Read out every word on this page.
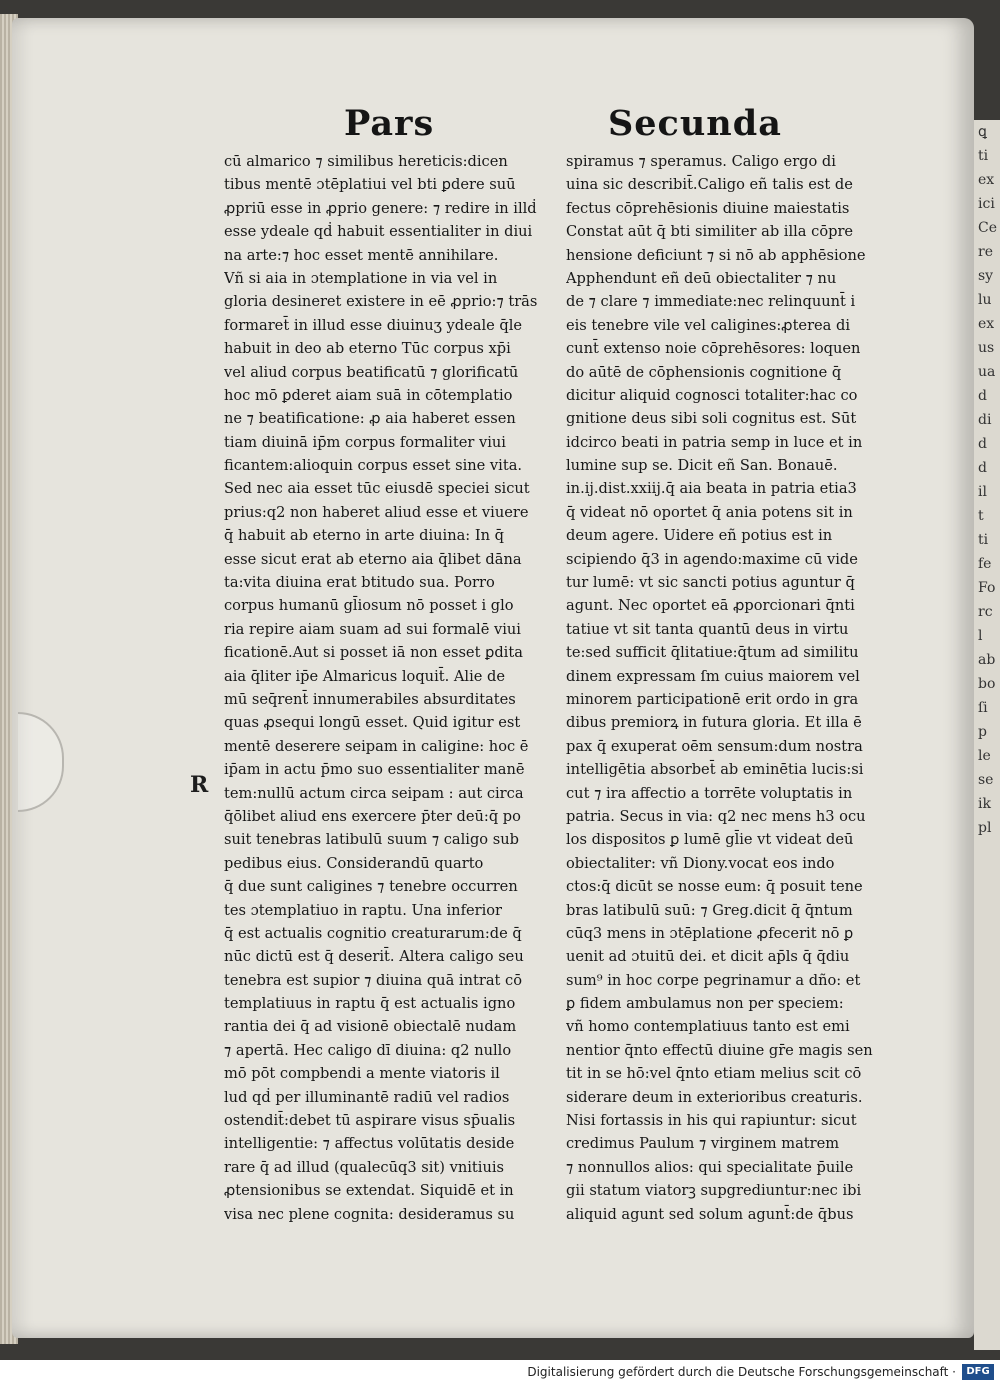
ꝗ
ti
ex
ici
Ce
re
sy
lu
ex
us
ua
d
di
d
d
il
t
ti
fe
Fo
rc
l
ab
bo
ſi
p
le
se
ik
pl
Pars	Secunda
R
cū almarico ⁊ similibus hereticis:dicen
tibus mentē ɔtēplatiui vel bti ꝑdere suū
ꝓpriū esse in ꝓprio genere: ⁊ redire in illḋ
esse ydeale qḋ habuit essentialiter in diui
na arte:⁊ hoc esset mentē annihilare.
Vñ si aia in ɔtemplatione in via vel in
gloria desineret existere in eē ꝓprio:⁊ trās
formaret̄ in illud esse diuinuʒ ydeale q̄le
habuit in deo ab eterno Tūc corpus xp̄i
vel aliud corpus beatificatū ⁊ glorificatū
hoc mō ꝑderet aiam suā in cōtemplatio
ne ⁊ beatificatione: ꝓ aia haberet essen
tiam diuinā ip̄m corpus formaliter viui
ficantem:alioquin corpus esset sine vita.
Sed nec aia esset tūc eiusdē speciei sicut
prius:q2 non haberet aliud esse et viuere
q̄ habuit ab eterno in arte diuina: In q̄
esse sicut erat ab eterno aia q̄libet dāna
ta:vita diuina erat btitudo sua. Porro
corpus humanū gl̄iosum nō posset i glo
ria repire aiam suam ad sui formalē viui
ficationē.Aut si posset iā non esset ꝑdita
aia q̄liter ip̄e Almaricus loquit̄. Alie de
mū seq̄rent̄ innumerabiles absurditates
quas ꝓsequi longū esset. Quid igitur est
mentē deserere seipam in caligine: hoc ē
ip̄am in actu p̄mo suo essentialiter manē
tem:nullū actum circa seipam : aut circa
q̄ōlibet aliud ens exercere p̄ter deū:q̄ po
suit tenebras latibulū suum ⁊ caligo sub
pedibus eius. Considerandū quarto
q̄ due sunt caligines ⁊ tenebre occurren
tes ɔtemplatiuo in raptu. Una inferior
q̄ est actualis cognitio creaturarum:de q̄
nūc dictū est q̄ deserit̄. Altera caligo seu
tenebra est supior ⁊ diuina quā intrat cō
templatiuus in raptu q̄ est actualis igno
rantia dei q̄ ad visionē obiectalē nudam
⁊ apertā. Hec caligo dī diuina: q2 nullo
mō pōt compbendi a mente viatoris il
lud qḋ per illuminantē radiū vel radios
ostendit̄:debet tū aspirare visus sp̄ualis
intelligentie: ⁊ affectus volūtatis deside
rare q̄ ad illud (qualecūq3 sit) vnitiuis
ꝓtensionibus se extendat. Siquidē et in
visa nec plene cognita: desideramus su
spiramus ⁊ speramus. Caligo ergo di
uina sic describit̄.Caligo eñ talis est de
fectus cōprehēsionis diuine maiestatis
Constat aūt q̄ bti similiter ab illa cōpre
hensione deficiunt ⁊ si nō ab apphēsione
Apphendunt eñ deū obiectaliter ⁊ nu
de ⁊ clare ⁊ immediate:nec relinquunt̄ i
eis tenebre vile vel caligines:ꝓterea di
cunt̄ extenso noie cōprehēsores: loquen
do aūtē de cōphensionis cognitione q̄
dicitur aliquid cognosci totaliter:hac co
gnitione deus sibi soli cognitus est. Sūt
idcirco beati in patria semp in luce et in
lumine sup se. Dicit eñ San. Bonauē.
in.ij.dist.xxiij.q̄ aia beata in patria etia3
q̄ videat nō oportet q̄ ania potens sit in
deum agere. Uidere eñ potius est in
scipiendo q̄3 in agendo:maxime cū vide
tur lumē: vt sic sancti potius aguntur q̄
agunt. Nec oportet eā ꝓporcionari q̄nti
tatiue vt sit tanta quantū deus in virtu
te:sed sufficit q̄litatiue:q̄tum ad similitu
dinem expressam ſm cuius maiorem vel
minorem participationē erit ordo in gra
dibus premiorꝝ in futura gloria. Et illa ē
pax q̄ exuperat oēm sensum:dum nostra
intelligētia absorbet̄ ab eminētia lucis:si
cut ⁊ ira affectio a torrēte voluptatis in
patria. Secus in via: q2 nec mens h3 ocu
los dispositos ꝑ lumē gl̄ie vt videat deū
obiectaliter: vñ Diony.vocat eos indo
ctos:q̄ dicūt se nosse eum: q̄ posuit tene
bras latibulū suū: ⁊ Greg.dicit q̄ q̄ntum
cūq3 mens in ɔtēplatione ꝓfecerit nō ꝑ
uenit ad ɔtuitū dei. et dicit ap̄ls q̄ q̄diu
sum⁹ in hoc corpe pegrinamur a dño: et
ꝑ fidem ambulamus non per speciem:
vñ homo contemplatiuus tanto est emi
nentior q̄nto effectū diuine gr̄e magis sen
tit in se hō:vel q̄nto etiam melius scit cō
siderare deum in exterioribus creaturis.
Nisi fortassis in his qui rapiuntur: sicut
credimus Paulum ⁊ virginem matrem
⁊ nonnullos alios: qui specialitate p̄uile
gii statum viatorꝫ supgrediuntur:nec ibi
aliquid agunt sed solum agunt̄:de q̄bus
Digitalisierung gefördert durch die Deutsche Forschungsgemeinschaft ·	DFG
